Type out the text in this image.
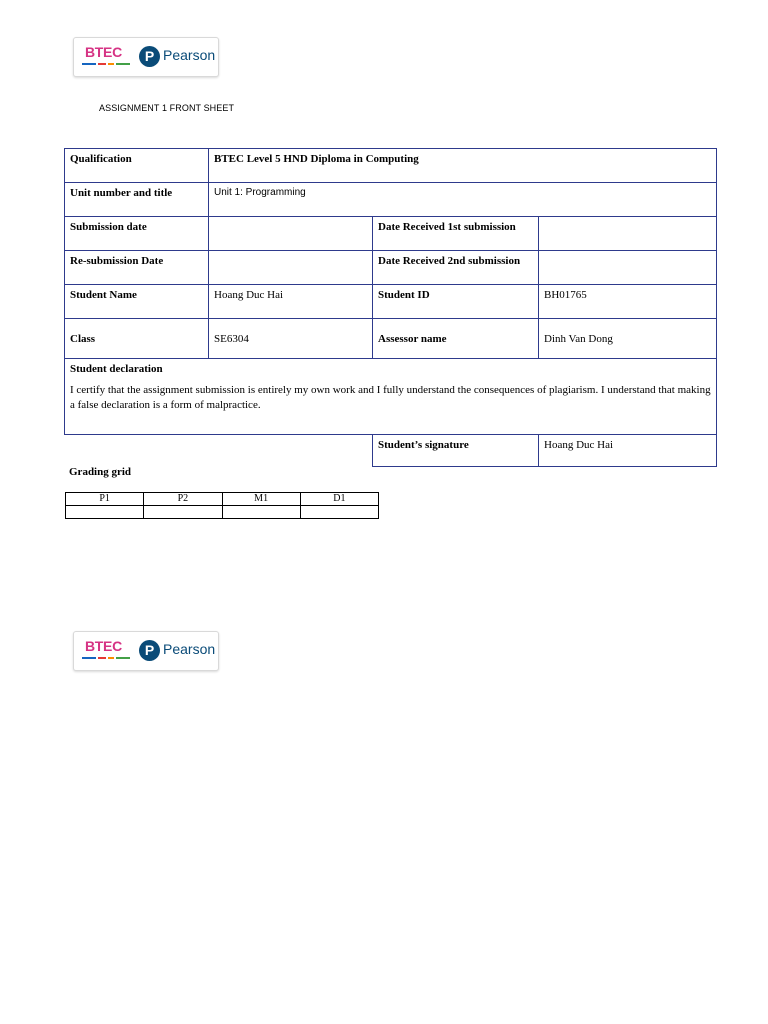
BTEC	P Pearson
ASSIGNMENT 1 FRONT SHEET
Qualification	BTEC Level 5 HND Diploma in Computing		
Unit number and title	Unit 1: Programming		
Submission date		Date Received 1st submission	
Re-submission Date		Date Received 2nd submission	
Student Name	Hoang Duc Hai	Student ID	BH01765
Class	SE6304	Assessor name	Dinh Van Dong

Student declaration
I certify that the assignment submission is entirely my own work and I fully understand the consequences of plagiarism. I understand that making a false declaration is a form of malpractice.			

		Student’s signature	Hoang Duc Hai
Grading grid
P1	P2	M1	D1

BTEC	P Pearson
